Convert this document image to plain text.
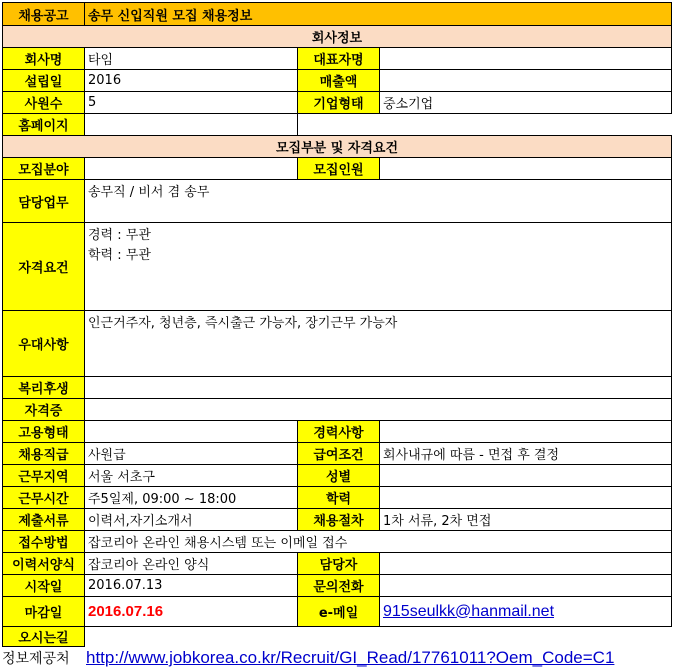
채용공고	송무 신입직원 모집 채용정보		
회사정보			
회사명	타임	대표자명	
설립일	2016	매출액	
사원수	5	기업형태	중소기업
홈페이지			
모집부분 및 자격요건			
모집분야		모집인원	
담당업무	송무직 / 비서 겸 송무		
자격요건	경력 : 무관
학력 : 무관		

우대사항	인근거주자, 청년층, 즉시출근 가능자, 장기근무 가능자		
복리후생			
자격증			
고용형태		경력사항	
채용직급	사원급	급여조건	회사내규에 따름 - 면접 후 결정
근무지역	서울 서초구	성별	
근무시간	주5일제, 09:00 ~ 18:00	학력	
제출서류	이력서,자기소개서	채용절차	1차 서류, 2차 면접
접수방법	잡코리아 온라인 채용시스템 또는 이메일 접수		
이력서양식	잡코리아 온라인 양식	담당자	
시작일	2016.07.13	문의전화	
마감일	2016.07.16	e-메일	915seulkk@hanmail.net
오시는길			
정보제공처 http://www.jobkorea.co.kr/Recruit/GI_Read/17761011?Oem_Code=C1
